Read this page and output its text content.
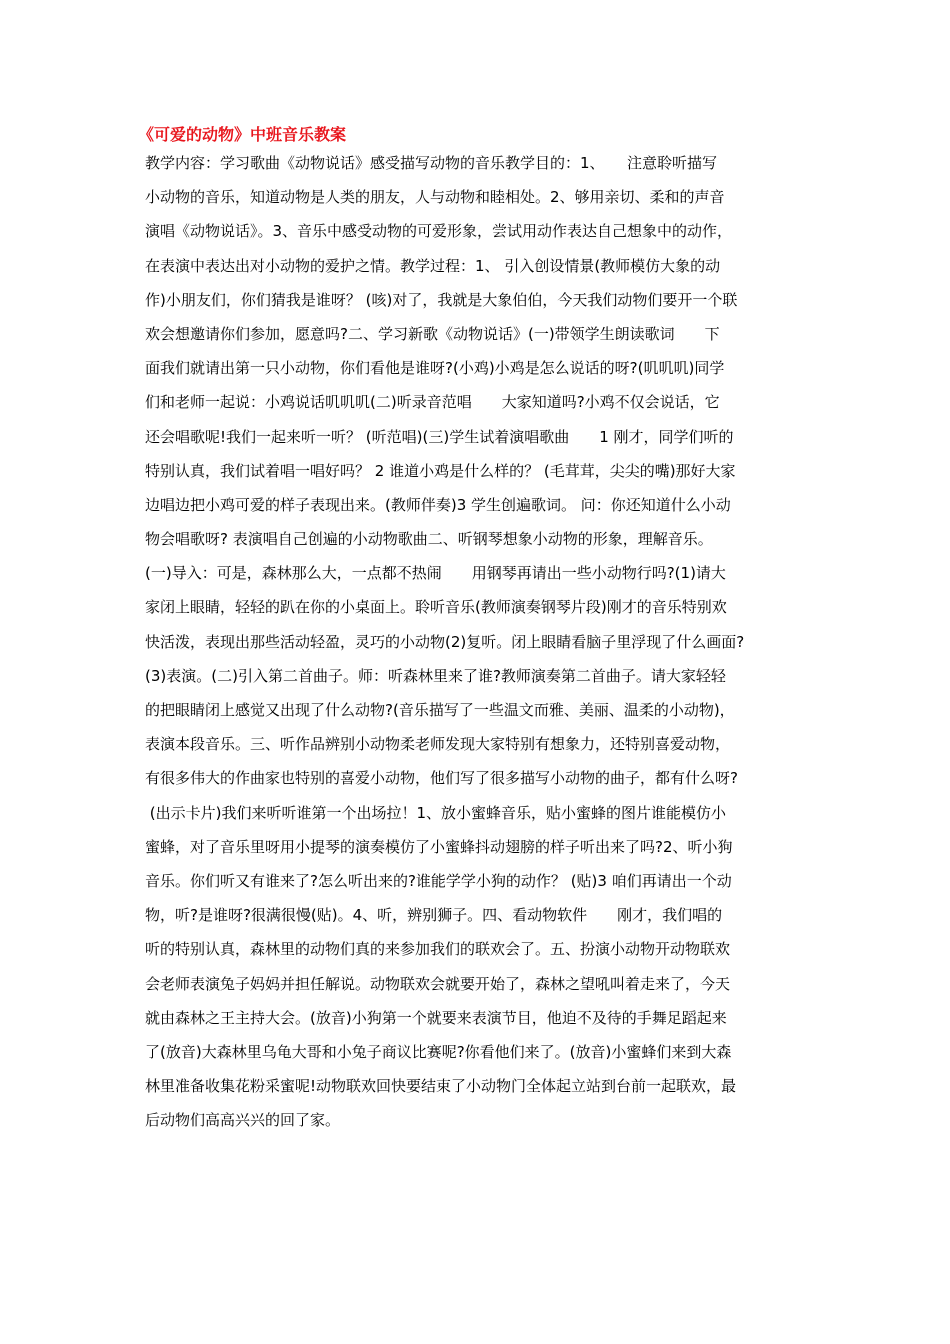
《可爱的动物》中班音乐教案
教学内容：学习歌曲《动物说话》感受描写动物的音乐教学目的：1、　　注意聆听描写
小动物的音乐，知道动物是人类的朋友，人与动物和睦相处。2、够用亲切、柔和的声音
演唱《动物说话》。3、音乐中感受动物的可爱形象，尝试用动作表达自己想象中的动作，
在表演中表达出对小动物的爱护之情。教学过程：1、 引入创设情景(教师模仿大象的动
作)小朋友们，你们猜我是谁呀？ (咳)对了，我就是大象伯伯，今天我们动物们要开一个联
欢会想邀请你们参加，愿意吗?二、学习新歌《动物说话》(一)带领学生朗读歌词　　下
面我们就请出第一只小动物，你们看他是谁呀?(小鸡)小鸡是怎么说话的呀?(叽叽叽)同学
们和老师一起说：小鸡说话叽叽叽(二)听录音范唱　　大家知道吗?小鸡不仅会说话，它
还会唱歌呢!我们一起来听一听？ (听范唱)(三)学生试着演唱歌曲　　1 刚才，同学们听的
特别认真，我们试着唱一唱好吗？ 2 谁道小鸡是什么样的？ (毛茸茸，尖尖的嘴)那好大家
边唱边把小鸡可爱的样子表现出来。(教师伴奏)3 学生创遍歌词。 问：你还知道什么小动
物会唱歌呀? 表演唱自己创遍的小动物歌曲二、听钢琴想象小动物的形象，理解音乐。
(一)导入：可是，森林那么大，一点都不热闹　　用钢琴再请出一些小动物行吗?(1)请大
家闭上眼睛，轻轻的趴在你的小桌面上。聆听音乐(教师演奏钢琴片段)刚才的音乐特别欢
快活泼，表现出那些活动轻盈，灵巧的小动物(2)复听。闭上眼睛看脑子里浮现了什么画面?
(3)表演。(二)引入第二首曲子。师：听森林里来了谁?教师演奏第二首曲子。请大家轻轻
的把眼睛闭上感觉又出现了什么动物?(音乐描写了一些温文而雅、美丽、温柔的小动物)，
表演本段音乐。三、听作品辨别小动物柔老师发现大家特别有想象力，还特别喜爱动物，
有很多伟大的作曲家也特别的喜爱小动物，他们写了很多描写小动物的曲子，都有什么呀?
(出示卡片)我们来听听谁第一个出场拉！1、放小蜜蜂音乐，贴小蜜蜂的图片谁能模仿小
蜜蜂，对了音乐里呀用小提琴的演奏模仿了小蜜蜂抖动翅膀的样子听出来了吗?2、听小狗
音乐。你们听又有谁来了?怎么听出来的?谁能学学小狗的动作？ (贴)3 咱们再请出一个动
物，听?是谁呀?很满很慢(贴)。4、听，辨别狮子。四、看动物软件　　刚才，我们唱的
听的特别认真，森林里的动物们真的来参加我们的联欢会了。五、扮演小动物开动物联欢
会老师表演兔子妈妈并担任解说。动物联欢会就要开始了，森林之望吼叫着走来了，今天
就由森林之王主持大会。(放音)小狗第一个就要来表演节目，他迫不及待的手舞足蹈起来
了(放音)大森林里乌龟大哥和小兔子商议比赛呢?你看他们来了。(放音)小蜜蜂们来到大森
林里准备收集花粉采蜜呢!动物联欢回快要结束了小动物门全体起立站到台前一起联欢，最
后动物们高高兴兴的回了家。
